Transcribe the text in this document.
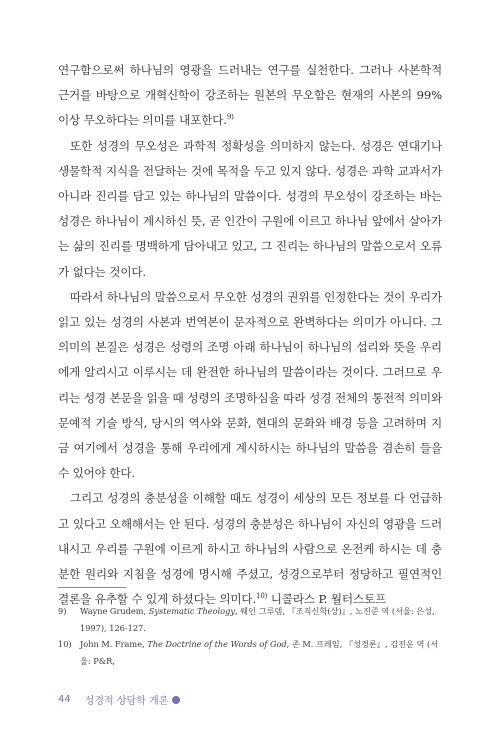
연구함으로써 하나님의 영광을 드러내는 연구를 실천한다. 그러나 사본학적 근거를 바탕으로 개혁신학이 강조하는 원본의 무오함은 현재의 사본의 99% 이상 무오하다는 의미를 내포한다.$^{9)}$

또한 성경의 무오성은 과학적 정확성을 의미하지 않는다. 성경은 연대기나 생물학적 지식을 전달하는 것에 목적을 두고 있지 않다. 성경은 과학 교과서가 아니라 진리를 담고 있는 하나님의 말씀이다. 성경의 무오성이 강조하는 바는 성경은 하나님이 계시하신 뜻, 곧 인간이 구원에 이르고 하나님 앞에서 살아가는 삶의 진리를 명백하게 담아내고 있고, 그 진리는 하나님의 말씀으로서 오류가 없다는 것이다.

따라서 하나님의 말씀으로서 무오한 성경의 권위를 인정한다는 것이 우리가 읽고 있는 성경의 사본과 번역본이 문자적으로 완벽하다는 의미가 아니다. 그 의미의 본질은 성경은 성령의 조명 아래 하나님이 하나님의 섭리와 뜻을 우리에게 알리시고 이루시는 데 완전한 하나님의 말씀이라는 것이다. 그러므로 우리는 성경 본문을 읽을 때 성령의 조명하심을 따라 성경 전체의 통전적 의미와 문예적 기술 방식, 당시의 역사와 문화, 현대의 문화와 배경 등을 고려하며 지금 여기에서 성경을 통해 우리에게 계시하시는 하나님의 말씀을 겸손히 들을 수 있어야 한다.

그리고 성경의 충분성을 이해할 때도 성경이 세상의 모든 정보를 다 언급하고 있다고 오해해서는 안 된다. 성경의 충분성은 하나님이 자신의 영광을 드러내시고 우리를 구원에 이르게 하시고 하나님의 사람으로 온전케 하시는 데 충분한 원리와 지침을 성경에 명시해 주셨고, 성경으로부터 정당하고 필연적인 결론을 유추할 수 있게 하셨다는 의미다.$^{10)}$ 니콜라스 P. 월터스토프

9)	Wayne Grudem, Systematic Theology, 웨인 그루뎀, 『조직신학(상)』, 노진준 역 (서울: 은성, 1997), 126-127.
10)	John M. Frame, The Doctrine of the Words of God, 존 M. 프레임, 『성경론』, 김진운 역 (서울: P&R,
44 성경적 상담학 개론
